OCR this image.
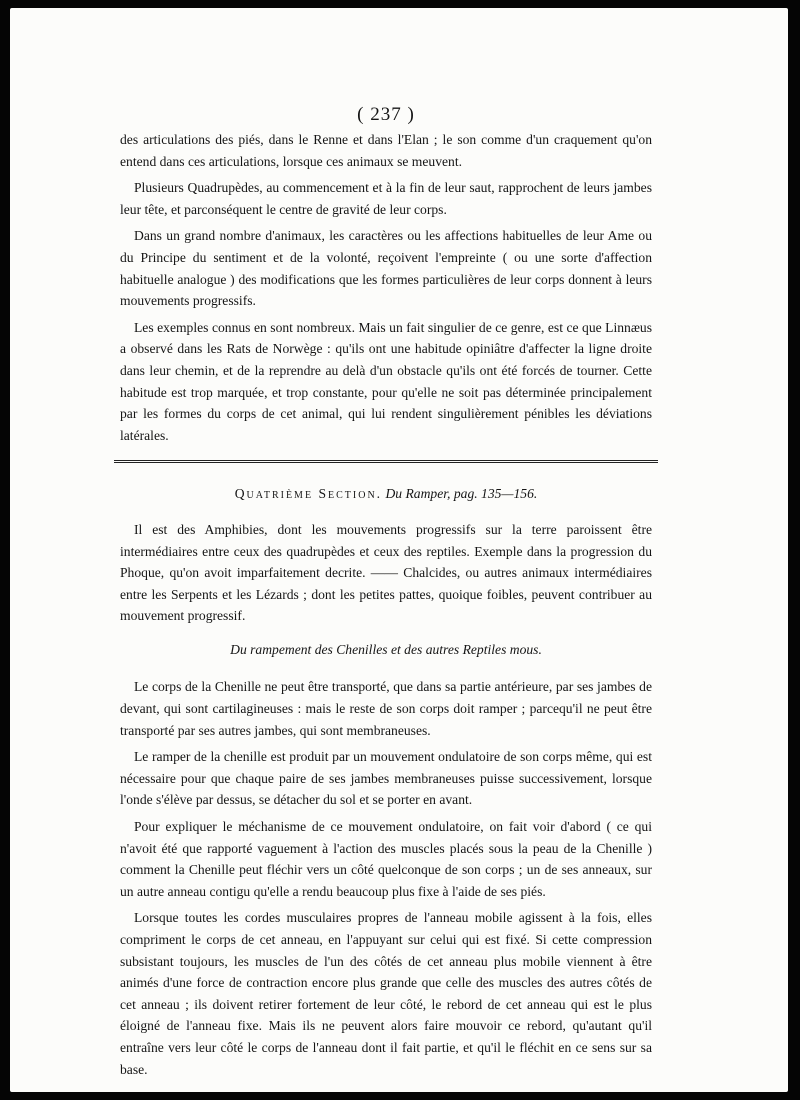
( 237 )

des articulations des piés, dans le Renne et dans l'Elan ; le son comme d'un craquement qu'on entend dans ces articulations, lorsque ces animaux se meuvent.

Plusieurs Quadrupèdes, au commencement et à la fin de leur saut, rapprochent de leurs jambes leur tête, et parconséquent le centre de gravité de leur corps.

Dans un grand nombre d'animaux, les caractères ou les affections habituelles de leur Ame ou du Principe du sentiment et de la volonté, reçoivent l'empreinte ( ou une sorte d'affection habituelle analogue ) des modifications que les formes particulières de leur corps donnent à leurs mouvements progressifs.

Les exemples connus en sont nombreux. Mais un fait singulier de ce genre, est ce que Linnæus a observé dans les Rats de Norwège : qu'ils ont une habitude opiniâtre d'affecter la ligne droite dans leur chemin, et de la reprendre au delà d'un obstacle qu'ils ont été forcés de tourner. Cette habitude est trop marquée, et trop constante, pour qu'elle ne soit pas déterminée principalement par les formes du corps de cet animal, qui lui rendent singulièrement pénibles les déviations latérales.

Quatrième Section. Du Ramper, pag. 135—156.

Il est des Amphibies, dont les mouvements progressifs sur la terre paroissent être intermédiaires entre ceux des quadrupèdes et ceux des reptiles. Exemple dans la progression du Phoque, qu'on avoit imparfaitement decrite. —— Chalcides, ou autres animaux intermédiaires entre les Serpents et les Lézards ; dont les petites pattes, quoique foibles, peuvent contribuer au mouvement progressif.

Du rampement des Chenilles et des autres Reptiles mous.

Le corps de la Chenille ne peut être transporté, que dans sa partie antérieure, par ses jambes de devant, qui sont cartilagineuses : mais le reste de son corps doit ramper ; parcequ'il ne peut être transporté par ses autres jambes, qui sont membraneuses.

Le ramper de la chenille est produit par un mouvement ondulatoire de son corps même, qui est nécessaire pour que chaque paire de ses jambes membraneuses puisse successivement, lorsque l'onde s'élève par dessus, se détacher du sol et se porter en avant.

Pour expliquer le méchanisme de ce mouvement ondulatoire, on fait voir d'abord ( ce qui n'avoit été que rapporté vaguement à l'action des muscles placés sous la peau de la Chenille ) comment la Chenille peut fléchir vers un côté quelconque de son corps ; un de ses anneaux, sur un autre anneau contigu qu'elle a rendu beaucoup plus fixe à l'aide de ses piés.

Lorsque toutes les cordes musculaires propres de l'anneau mobile agissent à la fois, elles compriment le corps de cet anneau, en l'appuyant sur celui qui est fixé. Si cette compression subsistant toujours, les muscles de l'un des côtés de cet anneau plus mobile viennent à être animés d'une force de contraction encore plus grande que celle des muscles des autres côtés de cet anneau ; ils doivent retirer fortement de leur côté, le rebord de cet anneau qui est le plus éloigné de l'anneau fixe. Mais ils ne peuvent alors faire mouvoir ce rebord, qu'autant qu'il entraîne vers leur côté le corps de l'anneau dont il fait partie, et qu'il le fléchit en ce sens sur sa base.
